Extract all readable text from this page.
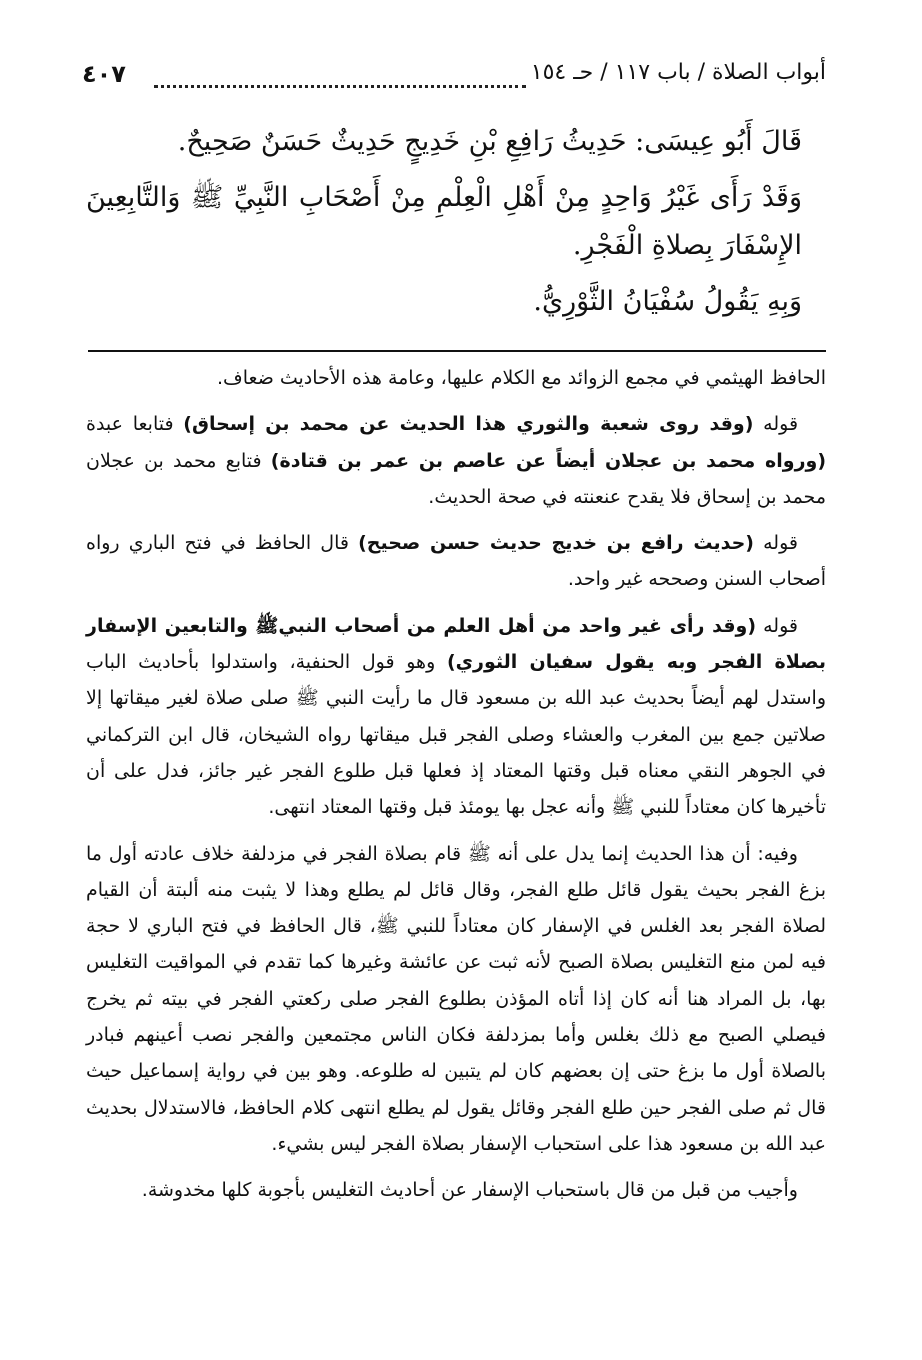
أبواب الصلاة / باب ١١٧ / حـ ١٥٤
٤٠٧

قَالَ أَبُو عِيسَى: حَدِيثُ رَافِعِ بْنِ خَدِيجٍ حَدِيثٌ حَسَنٌ صَحِيحٌ.

وَقَدْ رَأَى غَيْرُ وَاحِدٍ مِنْ أَهْلِ الْعِلْمِ مِنْ أَصْحَابِ النَّبِيِّ ﷺ وَالتَّابِعِينَ الإِسْفَارَ بِصلاةِ الْفَجْرِ.

وَبِهِ يَقُولُ سُفْيَانُ الثَّوْرِيُّ.

الحافظ الهيثمي في مجمع الزوائد مع الكلام عليها، وعامة هذه الأحاديث ضعاف.

قوله (وقد روى شعبة والثوري هذا الحديث عن محمد بن إسحاق) فتابعا عبدة (ورواه محمد بن عجلان أيضاً عن عاصم بن عمر بن قتادة) فتابع محمد بن عجلان محمد بن إسحاق فلا يقدح عنعنته في صحة الحديث.

قوله (حديث رافع بن خديج حديث حسن صحيح) قال الحافظ في فتح الباري رواه أصحاب السنن وصححه غير واحد.

قوله (وقد رأى غير واحد من أهل العلم من أصحاب النبيﷺ والتابعين الإسفار بصلاة الفجر وبه يقول سفيان الثوري) وهو قول الحنفية، واستدلوا بأحاديث الباب واستدل لهم أيضاً بحديث عبد الله بن مسعود قال ما رأيت النبي ﷺ صلى صلاة لغير ميقاتها إلا صلاتين جمع بين المغرب والعشاء وصلى الفجر قبل ميقاتها رواه الشيخان، قال ابن التركماني في الجوهر النقي معناه قبل وقتها المعتاد إذ فعلها قبل طلوع الفجر غير جائز، فدل على أن تأخيرها كان معتاداً للنبي ﷺ وأنه عجل بها يومئذ قبل وقتها المعتاد انتهى.

وفيه: أن هذا الحديث إنما يدل على أنه ﷺ قام بصلاة الفجر في مزدلفة خلاف عادته أول ما بزغ الفجر بحيث يقول قائل طلع الفجر، وقال قائل لم يطلع وهذا لا يثبت منه ألبتة أن القيام لصلاة الفجر بعد الغلس في الإسفار كان معتاداً للنبي ﷺ، قال الحافظ في فتح الباري لا حجة فيه لمن منع التغليس بصلاة الصبح لأنه ثبت عن عائشة وغيرها كما تقدم في المواقيت التغليس بها، بل المراد هنا أنه كان إذا أتاه المؤذن بطلوع الفجر صلى ركعتي الفجر في بيته ثم يخرج فيصلي الصبح مع ذلك بغلس وأما بمزدلفة فكان الناس مجتمعين والفجر نصب أعينهم فبادر بالصلاة أول ما بزغ حتى إن بعضهم كان لم يتبين له طلوعه. وهو بين في رواية إسماعيل حيث قال ثم صلى الفجر حين طلع الفجر وقائل يقول لم يطلع انتهى كلام الحافظ، فالاستدلال بحديث عبد الله بن مسعود هذا على استحباب الإسفار بصلاة الفجر ليس بشيء.

وأجيب من قبل من قال باستحباب الإسفار عن أحاديث التغليس بأجوبة كلها مخدوشة.
